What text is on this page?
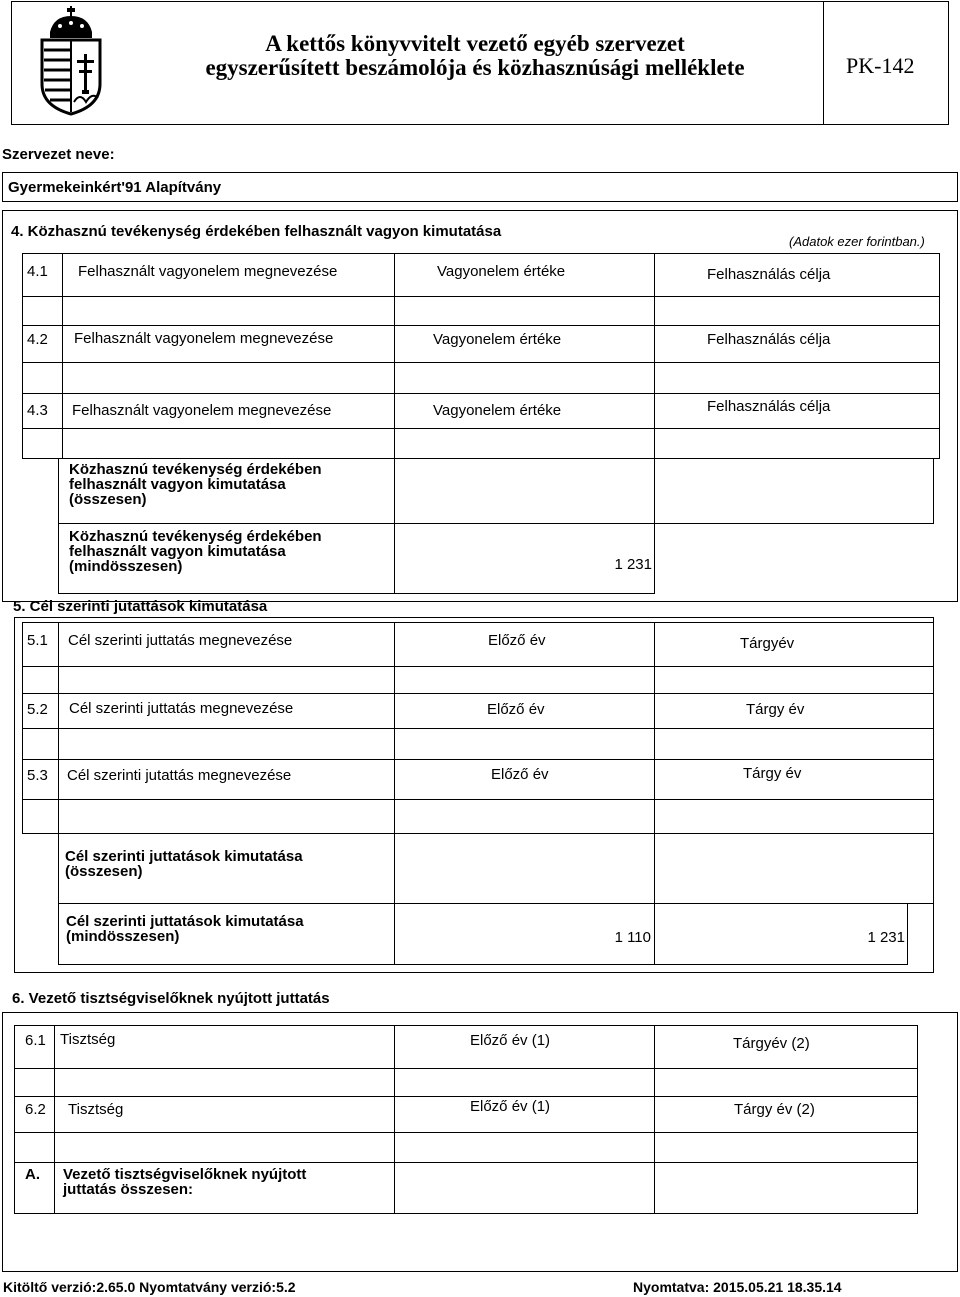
A kettős könyvvitelt vezető egyéb szervezet
egyszerűsített beszámolója és közhasznúsági melléklete	PK-142
Szervezet neve:
Gyermekeinkért'91 Alapítvány
4. Közhasznú tevékenység érdekében felhasznált vagyon kimutatása
(Adatok ezer forintban.)
4.1 Felhasznált vagyonelem megnevezése	Vagyonelem értéke	Felhasználás célja
4.2 Felhasznált vagyonelem megnevezése	Vagyonelem értéke	Felhasználás célja
4.3 Felhasznált vagyonelem megnevezése	Vagyonelem értéke	Felhasználás célja
Közhasznú tevékenység érdekében
felhasznált vagyon kimutatása
(összesen)
Közhasznú tevékenység érdekében
felhasznált vagyon kimutatása
(mindösszesen)	1 231
5. Cél szerinti jutattások kimutatása
5.1 Cél szerinti juttatás megnevezése	Előző év	Tárgyév
5.2 Cél szerinti juttatás megnevezése	Előző év	Tárgy év
5.3 Cél szerinti jutattás megnevezése	Előző év	Tárgy év
Cél szerinti juttatások kimutatása
(összesen)
Cél szerinti juttatások kimutatása
(mindösszesen)	1 110	1 231
6. Vezető tisztségviselőknek nyújtott juttatás
6.1 Tisztség	Előző év (1)	Tárgyév (2)
6.2 Tisztség	Előző év (1)	Tárgy év (2)
A. Vezető tisztségviselőknek nyújtott
juttatás összesen:
Kitöltő verzió:2.65.0 Nyomtatvány verzió:5.2	Nyomtatva: 2015.05.21 18.35.14
